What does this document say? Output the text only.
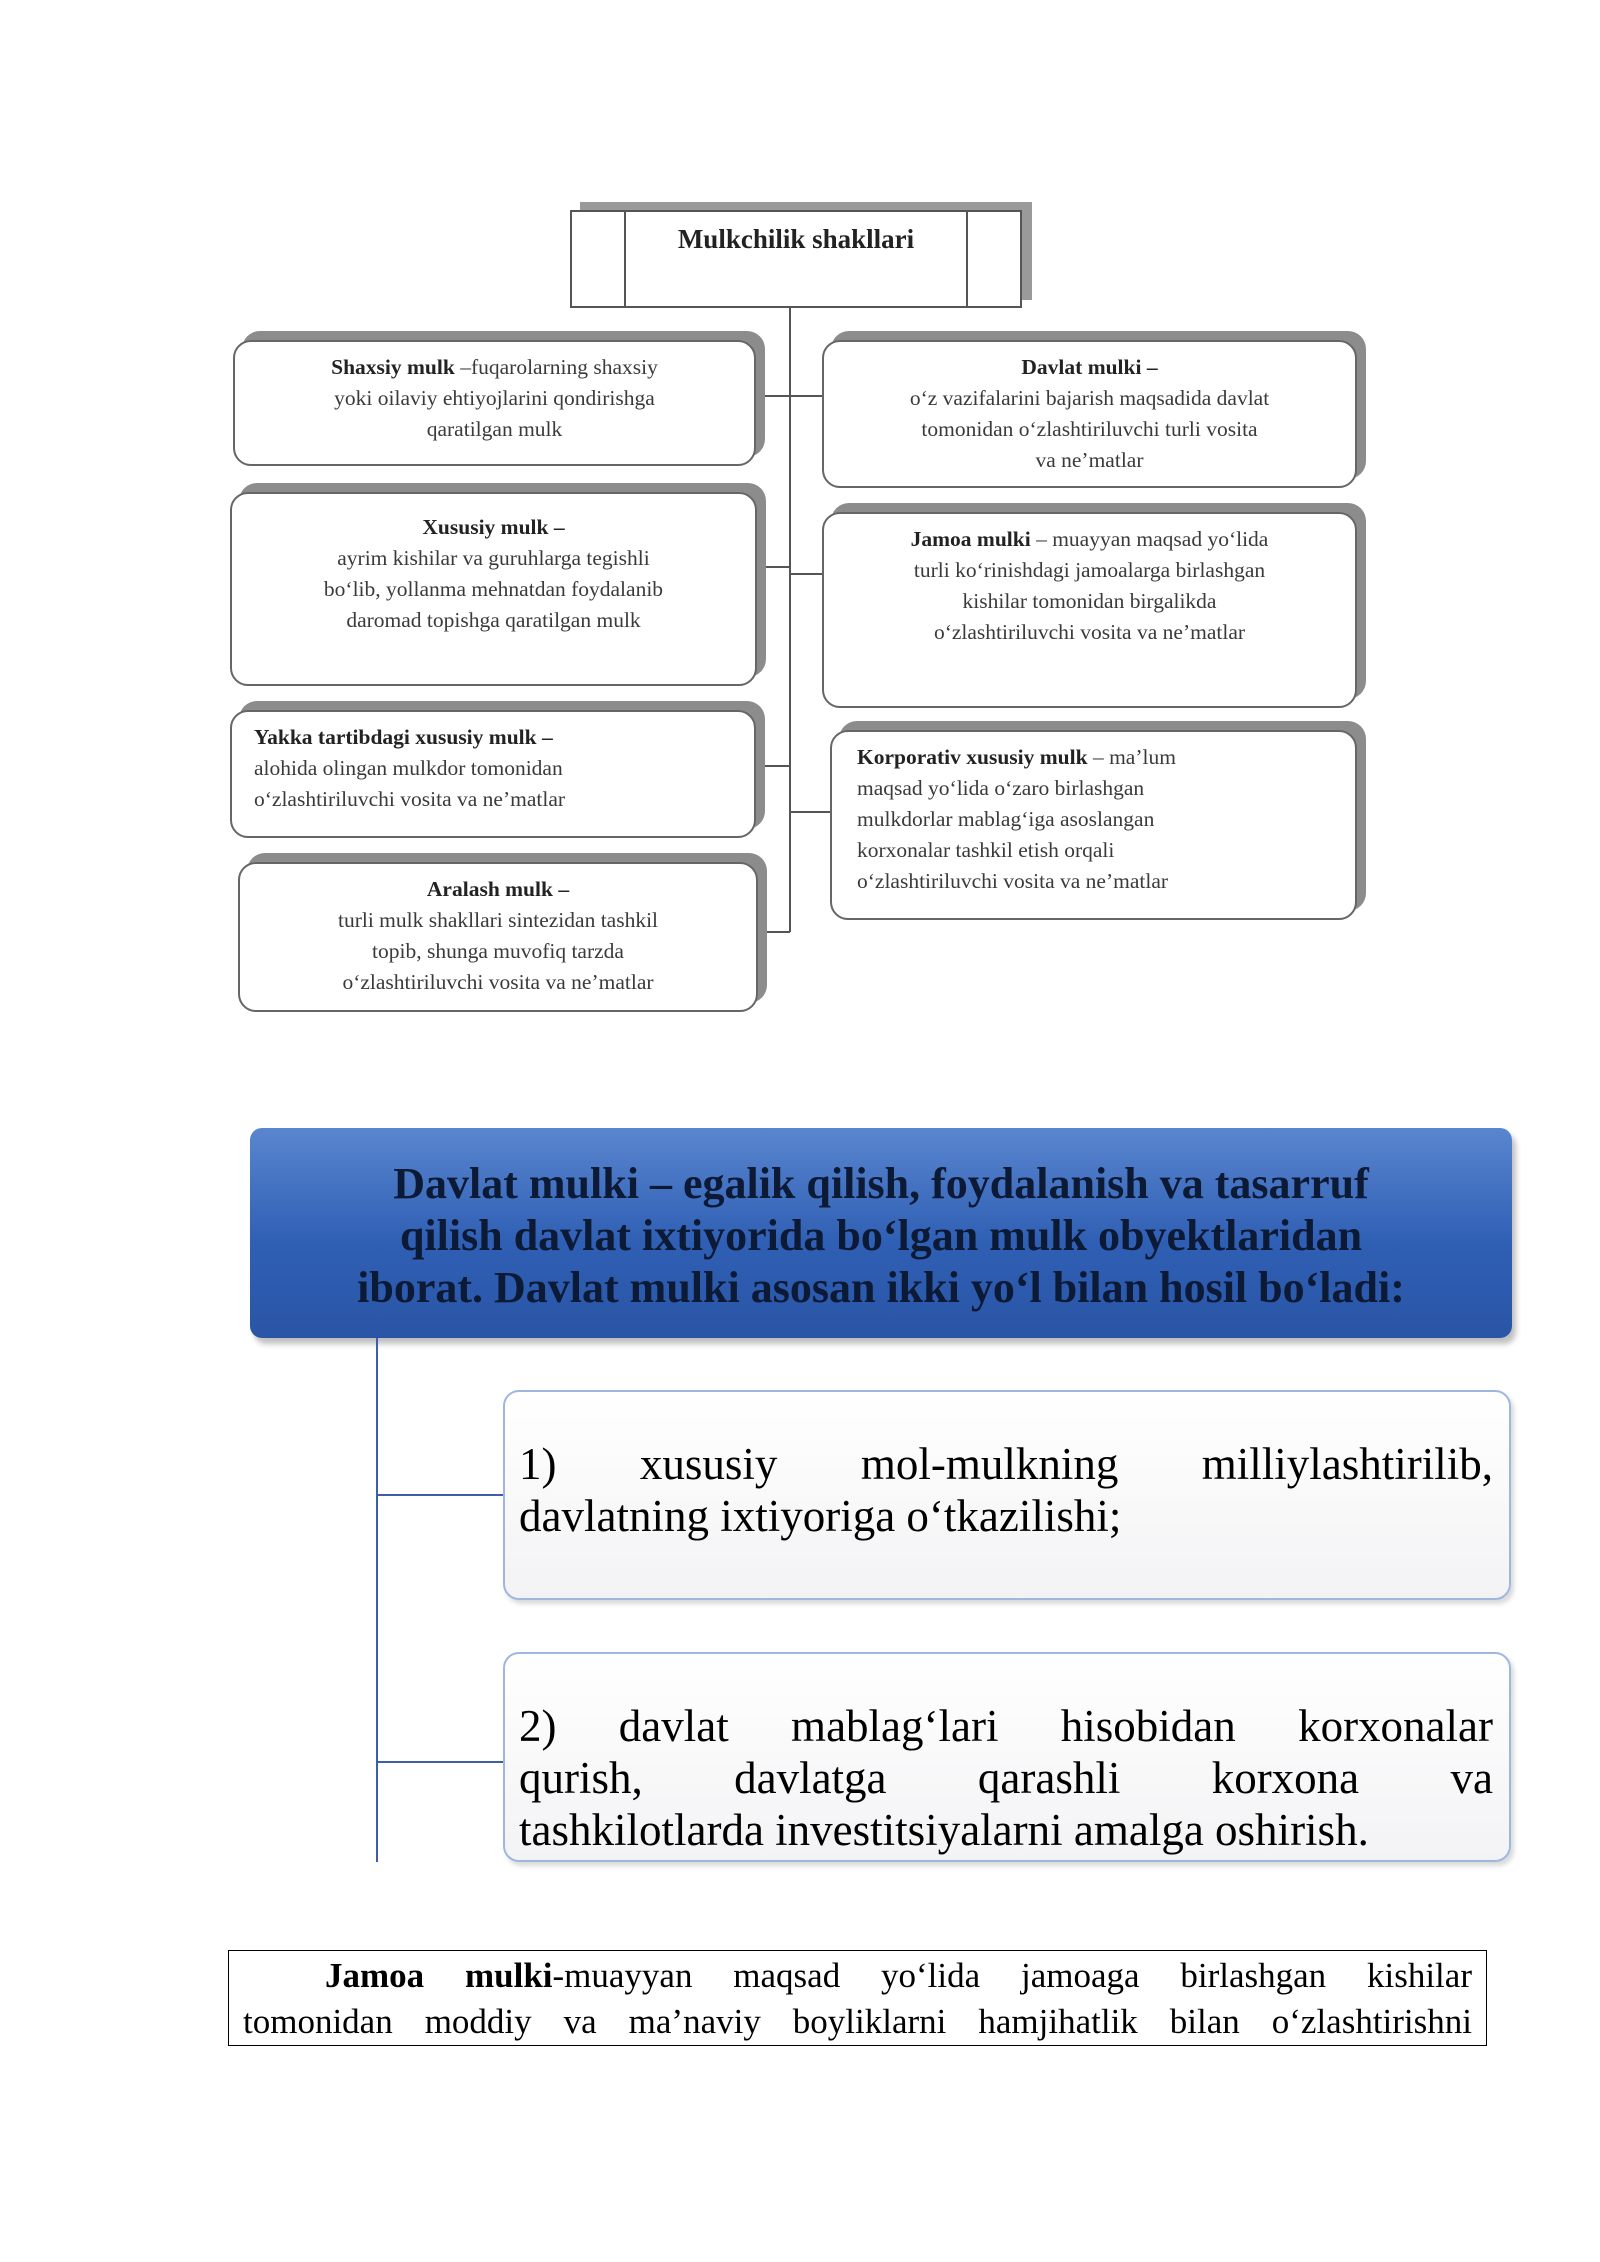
Mulkchilik shakllari
Shaxsiy mulk –fuqarolarning shaxsiy
yoki oilaviy ehtiyojlarini qondirishga
qaratilgan mulk
Xususiy mulk –
ayrim kishilar va guruhlarga tegishli
bo‘lib, yollanma mehnatdan foydalanib
daromad topishga qaratilgan mulk
Yakka tartibdagi xususiy mulk –
alohida olingan mulkdor tomonidan
o‘zlashtiriluvchi vosita va ne’matlar
Aralash mulk –
turli mulk shakllari sintezidan tashkil
topib, shunga muvofiq tarzda
o‘zlashtiriluvchi vosita va ne’matlar
Davlat mulki –
o‘z vazifalarini bajarish maqsadida davlat
tomonidan o‘zlashtiriluvchi turli vosita
va ne’matlar
Jamoa mulki – muayyan maqsad yo‘lida
turli ko‘rinishdagi jamoalarga birlashgan
kishilar tomonidan birgalikda
o‘zlashtiriluvchi vosita va ne’matlar
Korporativ xususiy mulk – ma’lum
maqsad yo‘lida o‘zaro birlashgan
mulkdorlar mablag‘iga asoslangan
korxonalar tashkil etish orqali
o‘zlashtiriluvchi vosita va ne’matlar
Davlat mulki – egalik qilish, foydalanish va tasarruf
qilish davlat ixtiyorida bo‘lgan mulk obyektlaridan
iborat. Davlat mulki asosan ikki yo‘l bilan hosil bo‘ladi:
1) xususiy mol-mulkning milliylashtirilib,
davlatning ixtiyoriga o‘tkazilishi;
2) davlat mablag‘lari hisobidan korxonalar
qurish, davlatga qarashli korxona va
tashkilotlarda investitsiyalarni amalga oshirish.
Jamoa mulki-muayyan maqsad yo‘lida jamoaga birlashgan kishilar
tomonidan moddiy va ma’naviy boyliklarni hamjihatlik bilan o‘zlashtirishni
